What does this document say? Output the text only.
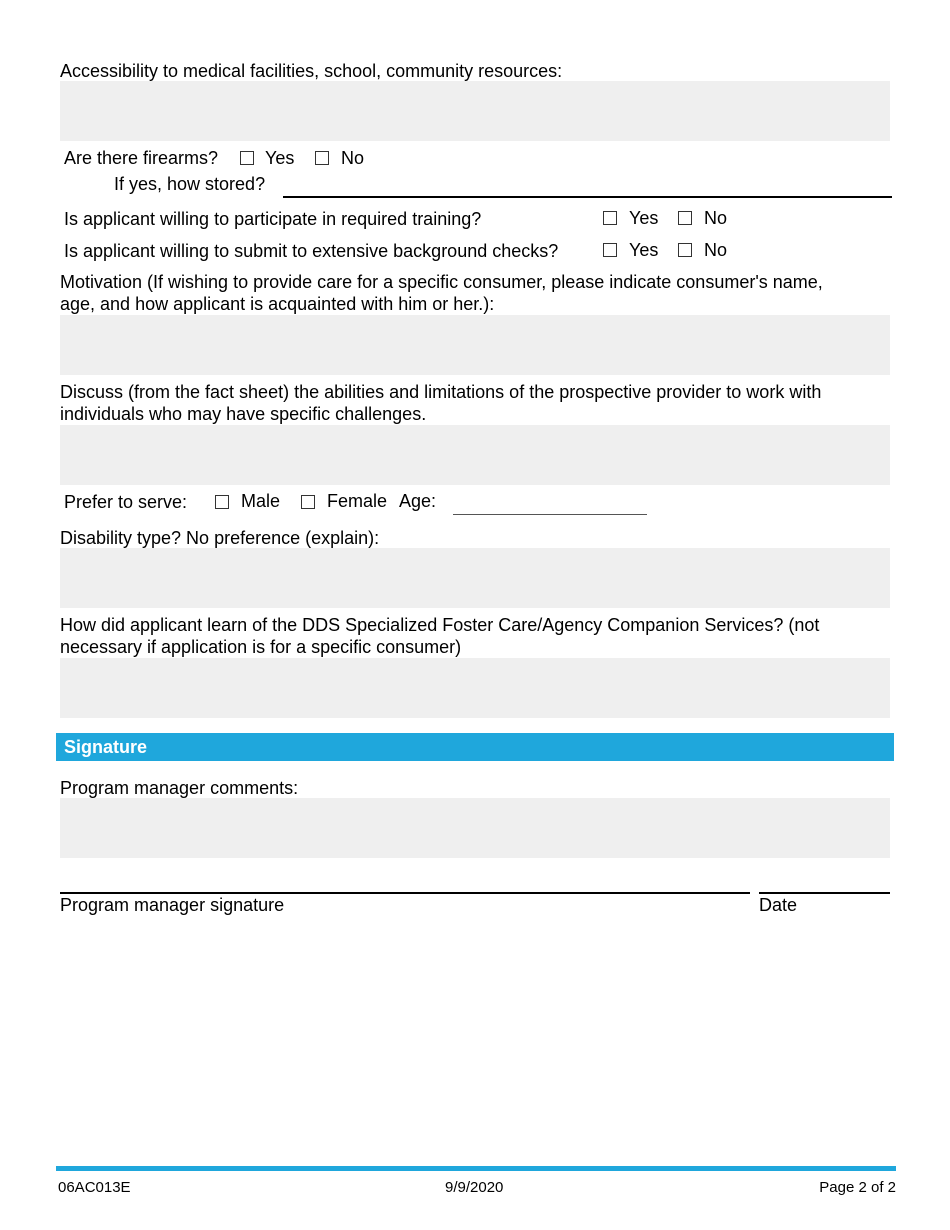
Accessibility to medical facilities, school, community resources:
Are there firearms?	Yes	No
If yes, how stored?
Is applicant willing to participate in required training?	Yes	No
Is applicant willing to submit to extensive background checks?	Yes	No
Motivation (If wishing to provide care for a specific consumer, please indicate consumer's name, age, and how applicant is acquainted with him or her.):
Discuss (from the fact sheet) the abilities and limitations of the prospective provider to work with individuals who may have specific challenges.
Prefer to serve:	Male	Female Age:
Disability type? No preference (explain):
How did applicant learn of the DDS Specialized Foster Care/Agency Companion Services? (not necessary if application is for a specific consumer)
Signature
Program manager comments:
Program manager signature	Date
06AC013E	9/9/2020	Page 2 of 2
